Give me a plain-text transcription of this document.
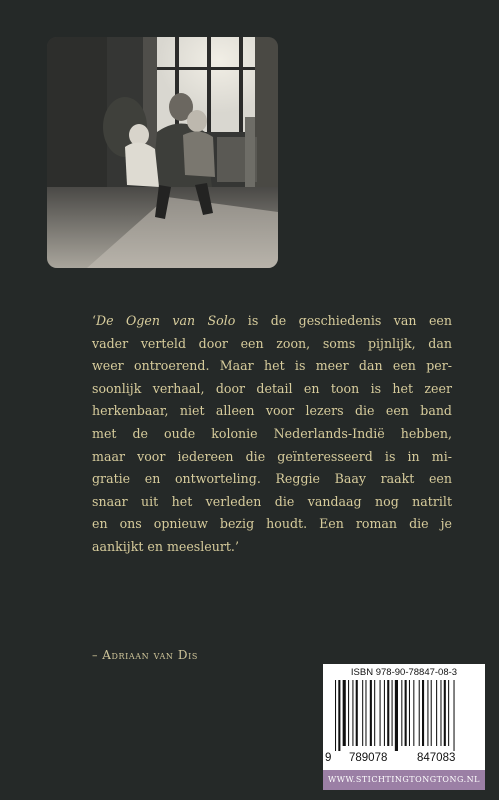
‘De Ogen van Solo is de geschiedenis van een
vader verteld door een zoon, soms pijnlijk, dan
weer ontroerend. Maar het is meer dan een per-
soonlijk verhaal, door detail en toon is het zeer
herkenbaar, niet alleen voor lezers die een band
met de oude kolonie Nederlands-Indië hebben,
maar voor iedereen die geïnteresseerd is in mi-
gratie en ontworteling. Reggie Baay raakt een
snaar uit het verleden die vandaag nog natrilt
en ons opnieuw bezig houdt. Een roman die je
aankijkt en meesleurt.’

– Adriaan van Dis
ISBN 978-90-78847-08-3
9 789078	847083
WWW.STICHTINGTONGTONG.NL
